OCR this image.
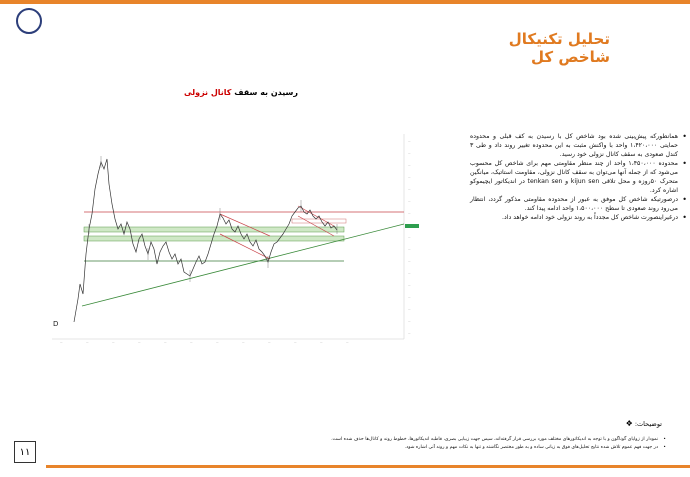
تحلیل تکنیکال
شاخص کل
رسیدن به سقف کانال نزولی
—
—
—
—
—
—
—
—
—
—
—
—
—
—
—
—
—	—	—	—	—	—	—	—	—	—	—	—
D
• همانطورکه پیش‌بینی شده بود شاخص کل با رسیدن به کف قبلی و محدوده حمایتی ۱،۴۲۰،۰۰۰ واحد با واکنش مثبت به این محدوده تغییر روند داد و طی ۳ کندل صعودی به سقف کانال نزولی خود رسید.
• محدوده ۱،۴۵۰،۰۰۰ واحد از چند منظر مقاومتی مهم برای شاخص کل محسوب می‌شود که از جمله آنها می‌توان به سقف کانال نزولی، مقاومت استاتیک، میانگین متحرک ۵۰روزه و محل تلاقی kijun sen و tenkan sen در اندیکاتور ایچیموکو اشاره کرد.
• درصورتیکه شاخص کل موفق به عبور از محدوده مقاومتی مذکور گردد، انتظار می‌رود روند صعودی تا سطح ۱،۵۰۰،۰۰۰ واحد ادامه پیدا کند.
• درغیراینصورت شاخص کل مجدداً به روند نزولی خود ادامه خواهد داد.
توضیحات: ❖
• نمودار از زوایای گوناگون و با توجه به اندیکاتورهای مختلف مورد بررسی قرار گرفته‌اند، سپس جهت زیبایی بصری، قاطبه اندیکاتورها، خطوط روند و کانال‌ها حذف شده است.
• در جهت فهم عموم تلاش شده نتایج تحلیل‌های فوق به زبانی ساده و به طور مختصر نگاشته و تنها به نکات مهم و روند آتی اشاره شود.
۱۱
